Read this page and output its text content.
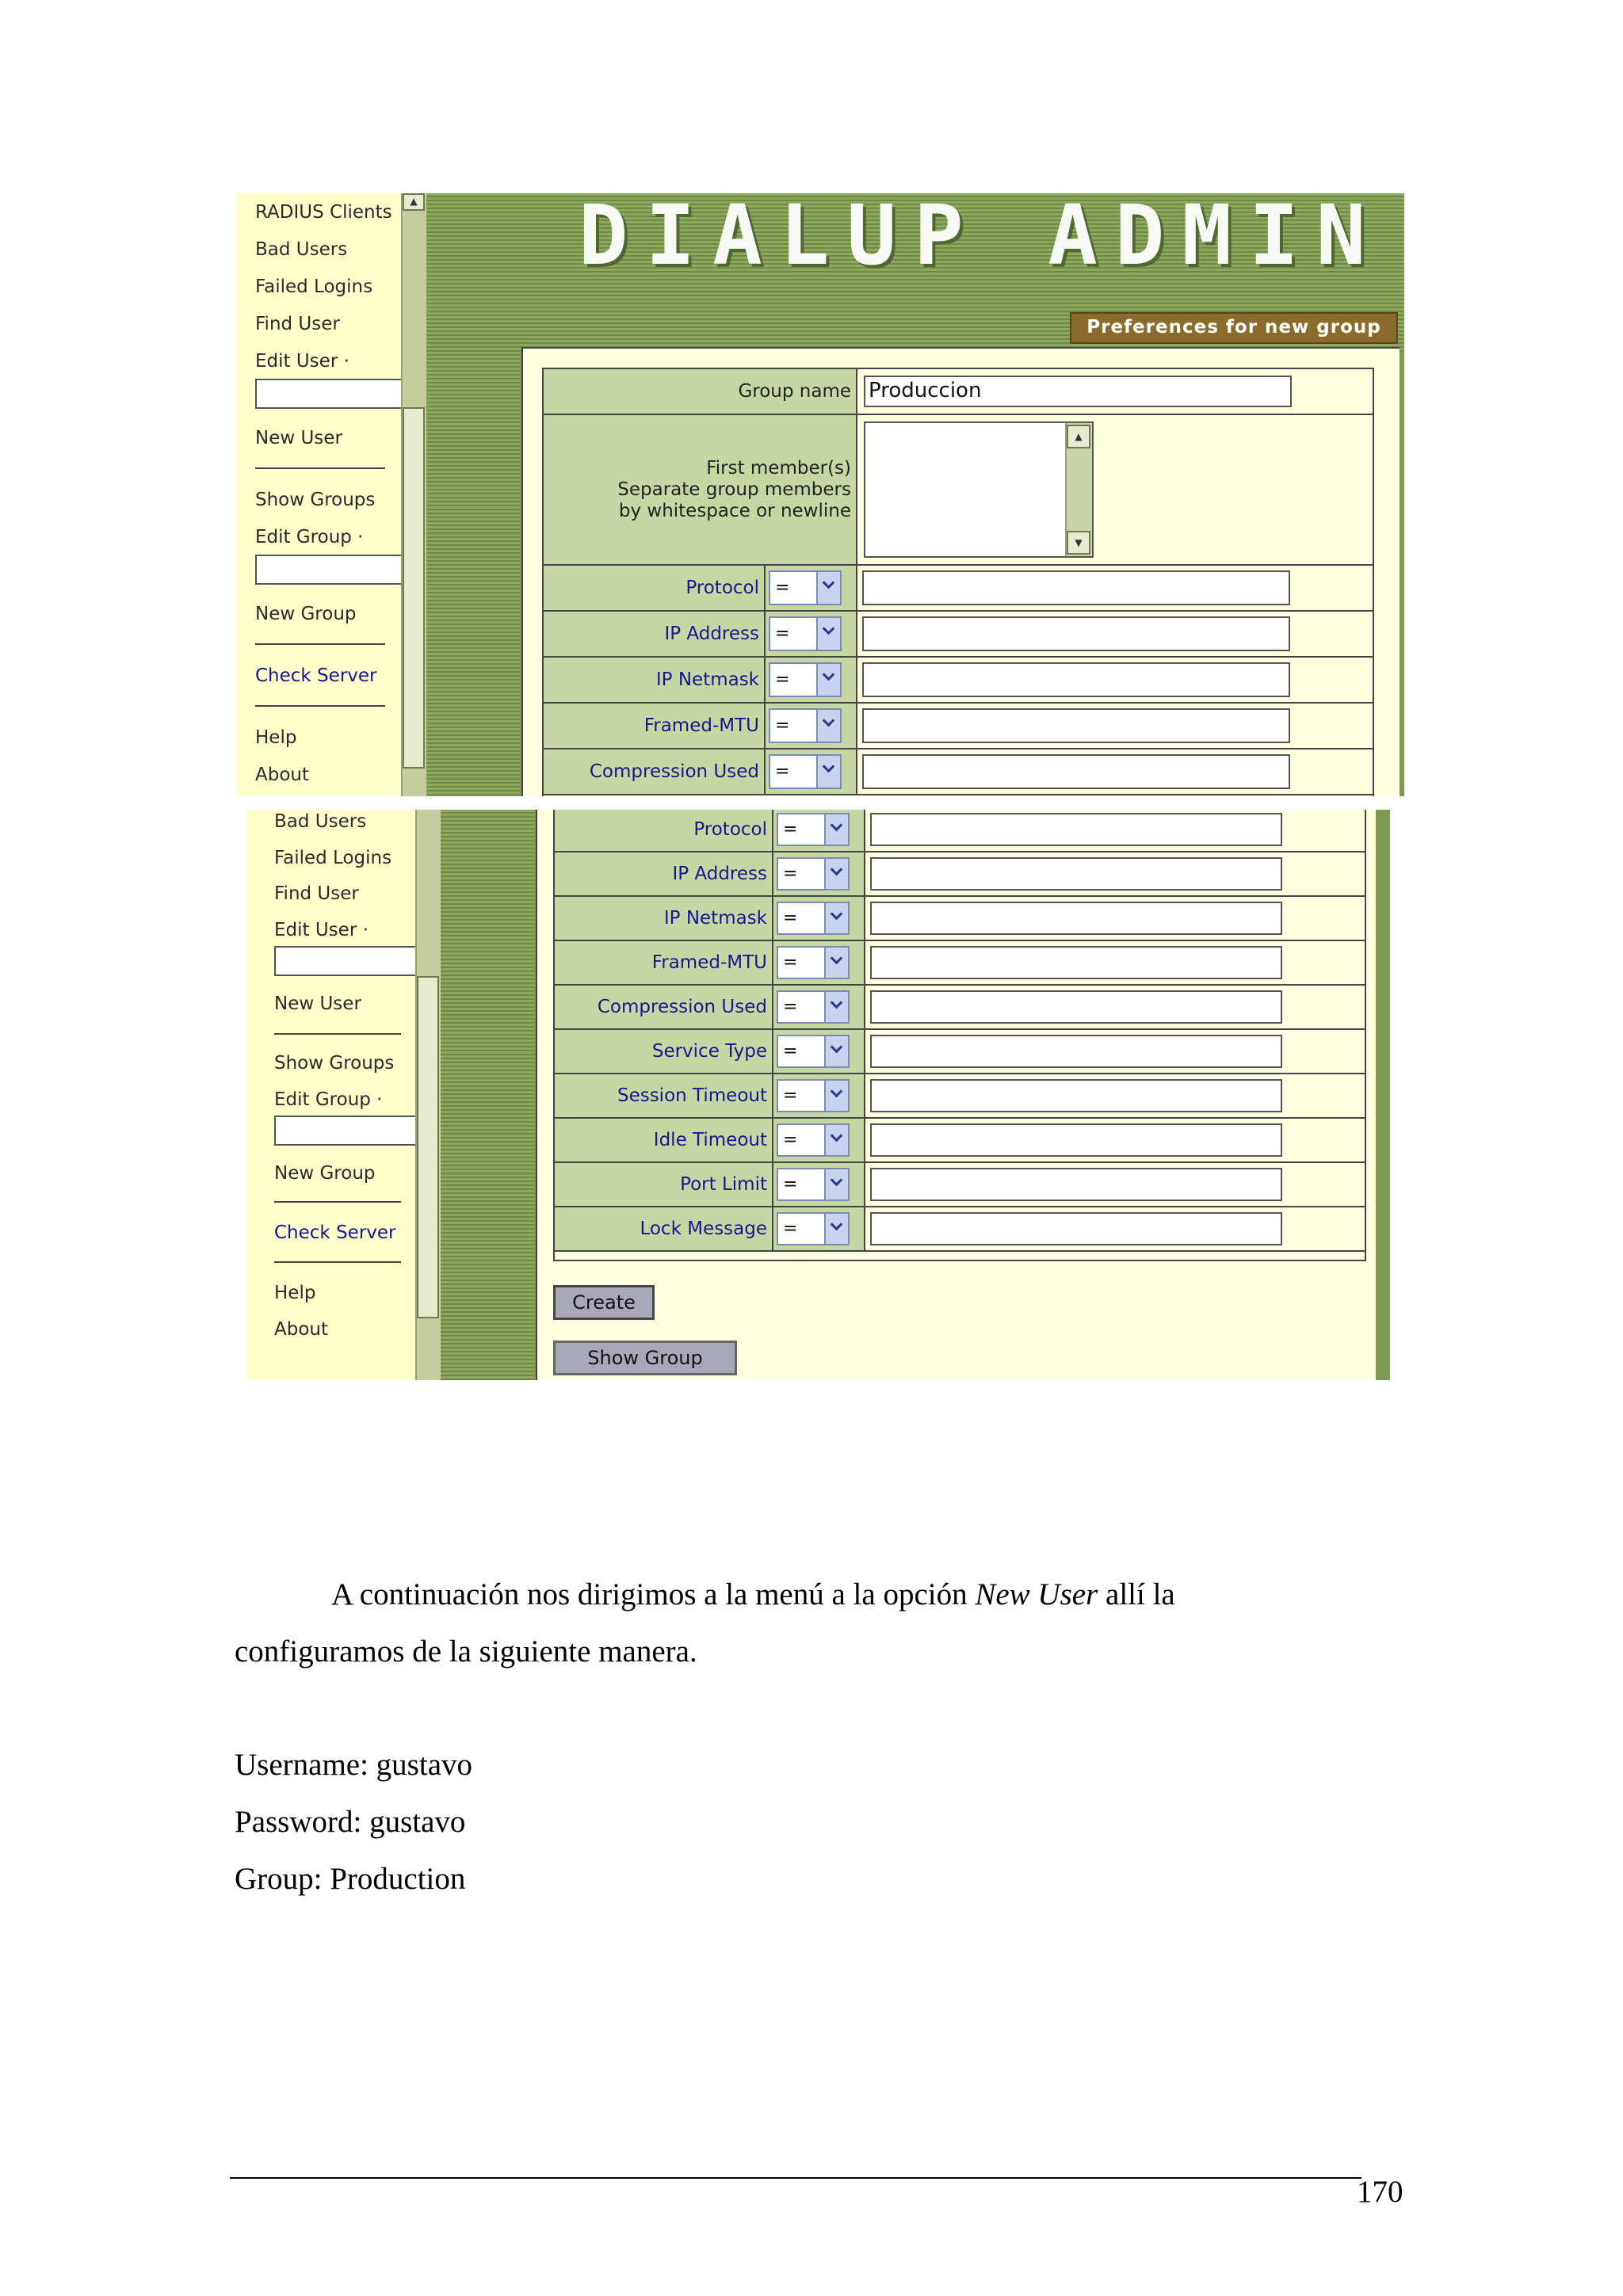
RADIUS Clients
Bad Users
Failed Logins
Find User
Edit User ·
New User
Show Groups
Edit Group ·
New Group
Check Server
Help
About
▲ DIALUP ADMIN
Preferences for new group
Group name Produccion
First member(s)
Separate group members
by whitespace or newline
▲
▼
Protocol =
IP Address =
IP Netmask =
Framed-MTU =
Compression Used =
Bad Users
Failed Logins
Find User
Edit User ·
New User
Show Groups
Edit Group ·
New Group
Check Server
Help
About
Protocol =
IP Address =
IP Netmask =
Framed-MTU =
Compression Used =
Service Type =
Session Timeout =
Idle Timeout =
Port Limit =
Lock Message =
Create
Show Group
A continuación nos dirigimos a la menú a la opción New User allí la
configuramos de la siguiente manera.
Username: gustavo
Password: gustavo
Group: Production
170
